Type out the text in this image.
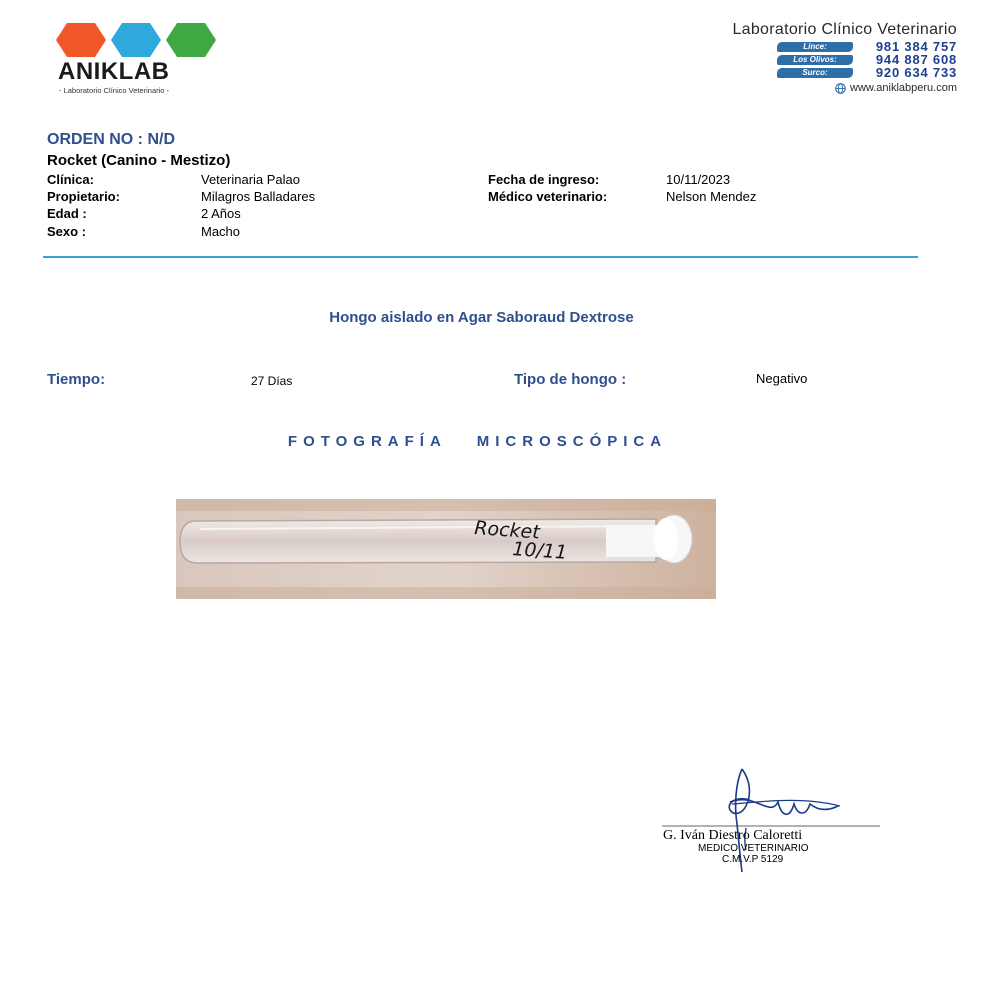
ANIKLAB
- Laboratorio Clínico Veterinario -
Laboratorio Clínico Veterinario
Lince:	981 384 757
Los Olivos:	944 887 608
Surco:	920 634 733
www.aniklabperu.com
ORDEN NO : N/D
Rocket (Canino - Mestizo)
Clínica:	Veterinaria Palao
Propietario:	Milagros Balladares
Edad :	2 Años
Sexo :	Macho
Fecha de ingreso:	10/11/2023
Médico veterinario:	Nelson Mendez
Hongo aislado en Agar Saboraud Dextrose
Tiempo:	27 Días	Tipo de hongo :	Negativo
FOTOGRAFÍA   MICROSCÓPICA
Rocket
10/11
G. Iván Diestro Caloretti
MEDICO VETERINARIO
C.M.V.P 5129
